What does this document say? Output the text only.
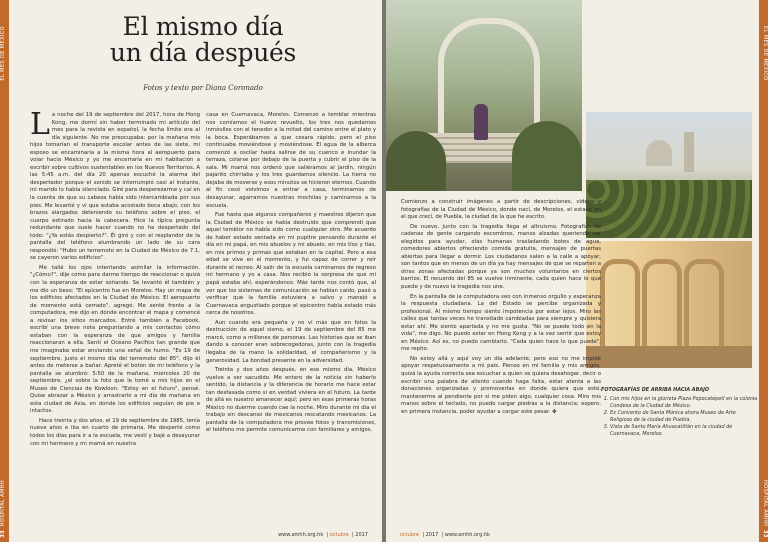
EL MES DE MEXICO
HOSPITAL AMHH
33
El mismo día
un día después
Fotos y texto por Diana Coronado

La noche del 19 de septiembre del 2017, hora de Hong Kong, me dormí sin haber terminado mi artículo del mes para la revista en español, la fecha límite era al día siguiente. No me preocupaba: por la mañana mis hijos tomarían el transporte escolar antes de las siete, mi esposo se encaminaría a la misma hora al aeropuerto para volar hacia México y yo me encerraría en mi habitación a escribir sobre cultivos sustentables en los Nuevos Territorios. A las 5:45 a.m. del día 20 apenas escuché la alarma del despertador porque el sonido se interrumpió casi al instante, mi marido lo había silenciado. Giré para desperezarme y caí en la cuenta de que su cabeza había sido intercambiada por sus pies. Me levanté y vi que estaba acostado boca abajo, con los brazos alargados deteniendo su teléfono sobre el piso, el cuerpo estirado hacia la cabecera. Hice la típica pregunta redundante que suele hacer cuando no he despertado del todo: "¿Ya estás despierto?". Él giró y con el resplandor de la pantalla del teléfono alumbrando un lado de su cara respondió: "Hubo un terremoto en la Ciudad de México de 7.1, se cayeron varios edificios".

Me tallé los ojos intentando asimilar la información. "¿Cómo?", dije como para darme tiempo de reaccionar o quizá con la esperanza de estar soñando. Se levantó él también y me dio un beso: "El epicentro fue en Morelos. Hay un mapa de los edificios afectados en la Ciudad de México. El aeropuerto de momento está cerrado", agregó. Me senté frente a la computadora, me dijo en dónde encontrar el mapa y comencé a revisar los sitios marcados. Entré también a Facebook, escribí una breve nota preguntando a mis contactos cómo estaban con la esperanza de que amigos y familia reaccionaran a ella. Sentí el Océano Pacífico tan grande que me imaginaba estar enviando una señal de humo. "Es 19 de septiembre, justo el mismo día del terremoto del 85", dijo él antes de meterse a bañar. Apreté el botón de mi teléfono y la pantalla se alumbró: 5:50 de la mañana, miércoles 20 de septiembre, ¿el sobre la foto que le tomé a mis hijos en el Museo de Ciencias de Kowloon. "Estoy en el futuro", pensé. Quise abrazar a México y arrastrarlo a mi día de mañana en esta ciudad de Asia, en donde los edificios seguían de pie e intactos.

Hace treinta y dos años, el 19 de septiembre de 1985, tenía nueve años e iba en cuarto de primaria. Me desperté como todos los días para ir a la escuela, me vestí y bajé a desayunar con mi hermano y mi mamá en nuestra

casa en Cuernavaca, Morelos. Comenzó a temblar mientras nos comíamos el huevo revuelto, los tres nos quedamos inmóviles con el tenedor a la mitad del camino entre el plato y la boca. Esperábamos a que cesara rápido, pero el piso continuaba moviéndose y moviéndose. El agua de la alberca comenzó a oscilar hasta salirse de su cuenco e inundar la terraza, colarse por debajo de la puerta y cubrir el piso de la sala. Mi mamá nos ordenó que saliéramos al jardín, ningún pajarito chirriaba y los tres guardamos silencio. La tierra no dejaba de moverse y esos minutos se hicieron eternos. Cuando al fin cesó volvimos a entrar a casa, terminamos de desayunar, agarramos nuestras mochilas y caminamos a la escuela.

Fue hasta que algunos compañeros y maestros dijeron que la Ciudad de México se había destruido que comprendí que aquel temblor no había sido como cualquier otro. Me acuerdo de haber estado sentada en mi pupitre pensando durante el día en mi papá, en mis abuelos y mi abuelo, en mis tíos y tías, en mis primos y primas que estaban en la capital. Pero a esa edad se vive en el momento, y fui capaz de correr y reír durante el recreo. Al salir de la escuela caminamos de regreso mi hermano y yo a casa. Nos recibió la sorpresa de que mi papá estaba ahí, esperándonos. Más tarde nos contó que, al ver que los sistemas de comunicación se habían caído, pasó a verificar que la familia estuviera a salvo y manejó a Cuernavaca angustiado porque el epicentro había estado más cerca de nosotros.

Aun cuando era pequeña y no vi más que en fotos la destrucción de aquel sismo, el 19 de septiembre del 85 me marcó, como a millones de personas. Las historias que se iban dando a conocer eran sobrecogedoras, junto con la tragedia llegaba de la mano la solidaridad, el compañerismo y la generosidad. La bondad presente en la adversidad.

Treinta y dos años después, en ese mismo día, México vuelve a ser sacudido. Me entero de la noticia sin haberlo sentido, la distancia y la diferencia de horario me hace estar tan desfasada como si en verdad viviera en el futuro. La tarde de allá es nuestro amanecer aquí; pero en esas primeras horas México no duerme cuando cae la noche. Miro durante mi día el trabajo sin descanso de mexicanos rescatando mexicanos. La pantalla de la computadora me provee fotos y transmisiones, el teléfono me permite comunicarme con familiares y amigos.

www.amhh.org.hk  | octubre  | 2017
EL MES DE MEXICO
HOSPITAL AMHH
33

Comienzo a construir imágenes a partir de descripciones, videos y fotografías de la Ciudad de México, donde nací, de Morelos, el estado en el que crecí, de Puebla, la ciudad de la que he escrito.

De nuevo, junto con la tragedia llega el altruismo. Fotografías de cadenas de gente cargando escombros, manos alzadas queriendo ser elegidos para ayudar, olas humanas trasladando botes de agua, comedores abiertos ofreciendo comida gratuita, mensajes de puertas abiertas para llegar a dormir. Los ciudadanos salen a la calle a apoyar, son tantos que en menos de un día ya hay mensajes de que se reparten a otras zonas afectadas porque ya son muchos voluntarios en ciertos barrios. El recuerdo del 85 se vuelve inminente, cada quien hace lo que puede y de nuevo la tragedia nos une.

En la pantalla de la computadora veo con inmenso orgullo y esperanza la respuesta ciudadana. La del Estado se percibe organizada y profesional. Al mismo tiempo siento impotencia por estar lejos. Miro las calles que tantas veces he transitado cambiadas para siempre y quisiera estar ahí. Me siento apartada y no me gusta. "No se puede todo en la vida", me digo. No puedo estar en Hong Kong y a la vez sentir que estoy en México. Así es, no puedo cambiarlo. "Cada quien hace lo que puede", me repito.

No estoy allá y aquí voy un día adelante, pero eso no me impide apoyar respetuosamente a mi país. Pienso en mi familia y mis amigos, quizá la ayuda correcta sea escuchar a quien se quiera desahogar, decir o escribir una palabra de aliento cuando haga falta, estar atenta a las donaciones organizadas y promoverlas en donde quiera que esté, mantenerme al pendiente por si me piden algo, cualquier cosa. Miro mis manos sobre el teclado, no puedo cargar piedras a la distancia; espero, en primera instancia, poder ayudar a cargar este pesar. ✤

FOTOGRAFÍAS DE ARRIBA HACIA ABAJO
1. Con mis hijos en la glorieta Plaza Popocatépetl en la colonia Condesa de la Ciudad de México.
2. Ex Convento de Santa Mónica ahora Museo de Arte Religioso de la ciudad de Puebla.
3. Vista de Santo María Ahuacatitlán en la ciudad de Cuernavaca, Morelos.
octubre  | 2017  | www.amhh.org.hk
